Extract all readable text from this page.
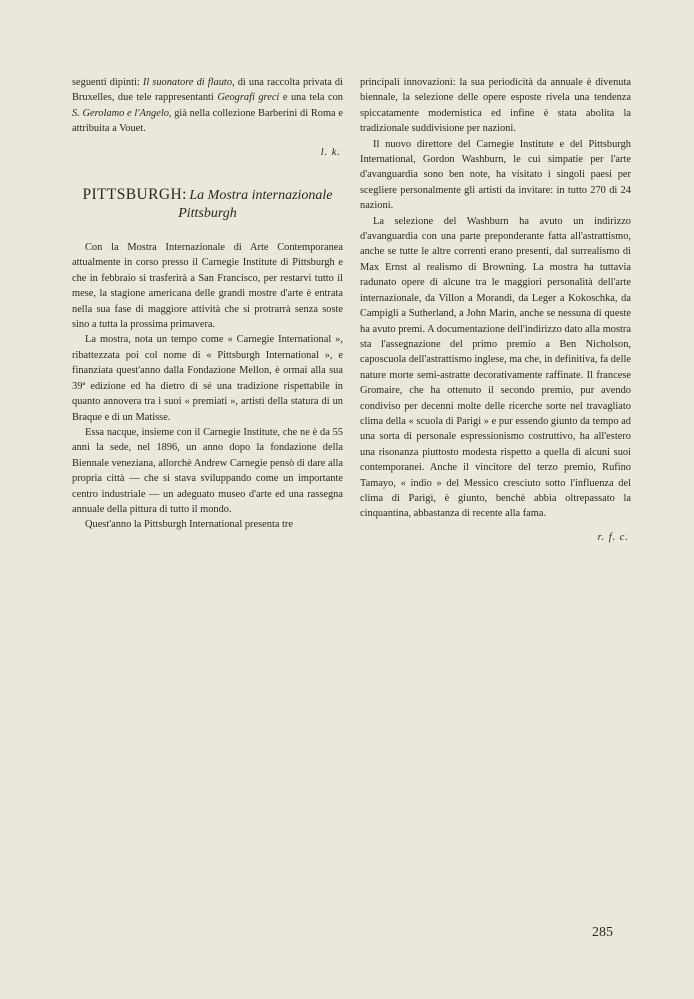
seguenti dipinti: Il suonatore di flauto, di una raccolta privata di Bruxelles, due tele rappresentanti Geografi greci e una tela con S. Gerolamo e l'Angelo, già nella collezione Barberini di Roma e attribuita a Vouet.

l. k.
PITTSBURGH: La Mostra internazionale
Pittsburgh

Con la Mostra Internazionale di Arte Contemporanea attualmente in corso presso il Carnegie Institute di Pittsburgh e che in febbraio si trasferirà a San Francisco, per restarvi tutto il mese, la stagione americana delle grandi mostre d'arte è entrata nella sua fase di maggiore attività che si protrarrà senza soste sino a tutta la prossima primavera.

La mostra, nota un tempo come « Carnegie International », ribattezzata poi col nome di « Pittsburgh International », e finanziata quest'anno dalla Fondazione Mellon, è ormai alla sua 39ª edizione ed ha dietro di sé una tradizione rispettabile in quanto annovera tra i suoi « premiati », artisti della statura di un Braque e di un Matisse.

Essa nacque, insieme con il Carnegie Institute, che ne è da 55 anni la sede, nel 1896, un anno dopo la fondazione della Biennale veneziana, allorchè Andrew Carnegie pensò di dare alla propria città — che si stava sviluppando come un importante centro industriale — un adeguato museo d'arte ed una rassegna annuale della pittura di tutto il mondo.

Quest'anno la Pittsburgh International presenta tre

principali innovazioni: la sua periodicità da annuale è divenuta biennale, la selezione delle opere esposte rivela una tendenza spiccatamente modernistica ed infine è stata abolita la tradizionale suddivisione per nazioni.

Il nuovo direttore del Carnegie Institute e del Pittsburgh International, Gordon Washburn, le cui simpatie per l'arte d'avanguardia sono ben note, ha visitato i singoli paesi per scegliere personalmente gli artisti da invitare: in tutto 270 di 24 nazioni.

La selezione del Washburn ha avuto un indirizzo d'avanguardia con una parte preponderante fatta all'astrattismo, anche se tutte le altre correnti erano presenti, dal surrealismo di Max Ernst al realismo di Browning. La mostra ha tuttavia radunato opere di alcune tra le maggiori personalità dell'arte internazionale, da Villon a Morandi, da Leger a Kokoschka, da Campigli a Sutherland, a John Marin, anche se nessuna di queste ha avuto premi. A documentazione dell'indirizzo dato alla mostra sta l'assegnazione del primo premio a Ben Nicholson, caposcuola dell'astrattismo inglese, ma che, in definitiva, fa delle nature morte semi-astratte decorativamente raffinate. Il francese Gromaire, che ha ottenuto il secondo premio, pur avendo condiviso per decenni molte delle ricerche sorte nel travagliato clima della « scuola di Parigi » e pur essendo giunto da tempo ad una sorta di personale espressionismo costruttivo, ha all'estero una risonanza piuttosto modesta rispetto a quella di alcuni suoi contemporanei. Anche il vincitore del terzo premio, Rufino Tamayo, « indio » del Messico cresciuto sotto l'influenza del clima di Parigi, è giunto, benchè abbia oltrepassato la cinquantina, abbastanza di recente alla fama.

r. f. c.
285
